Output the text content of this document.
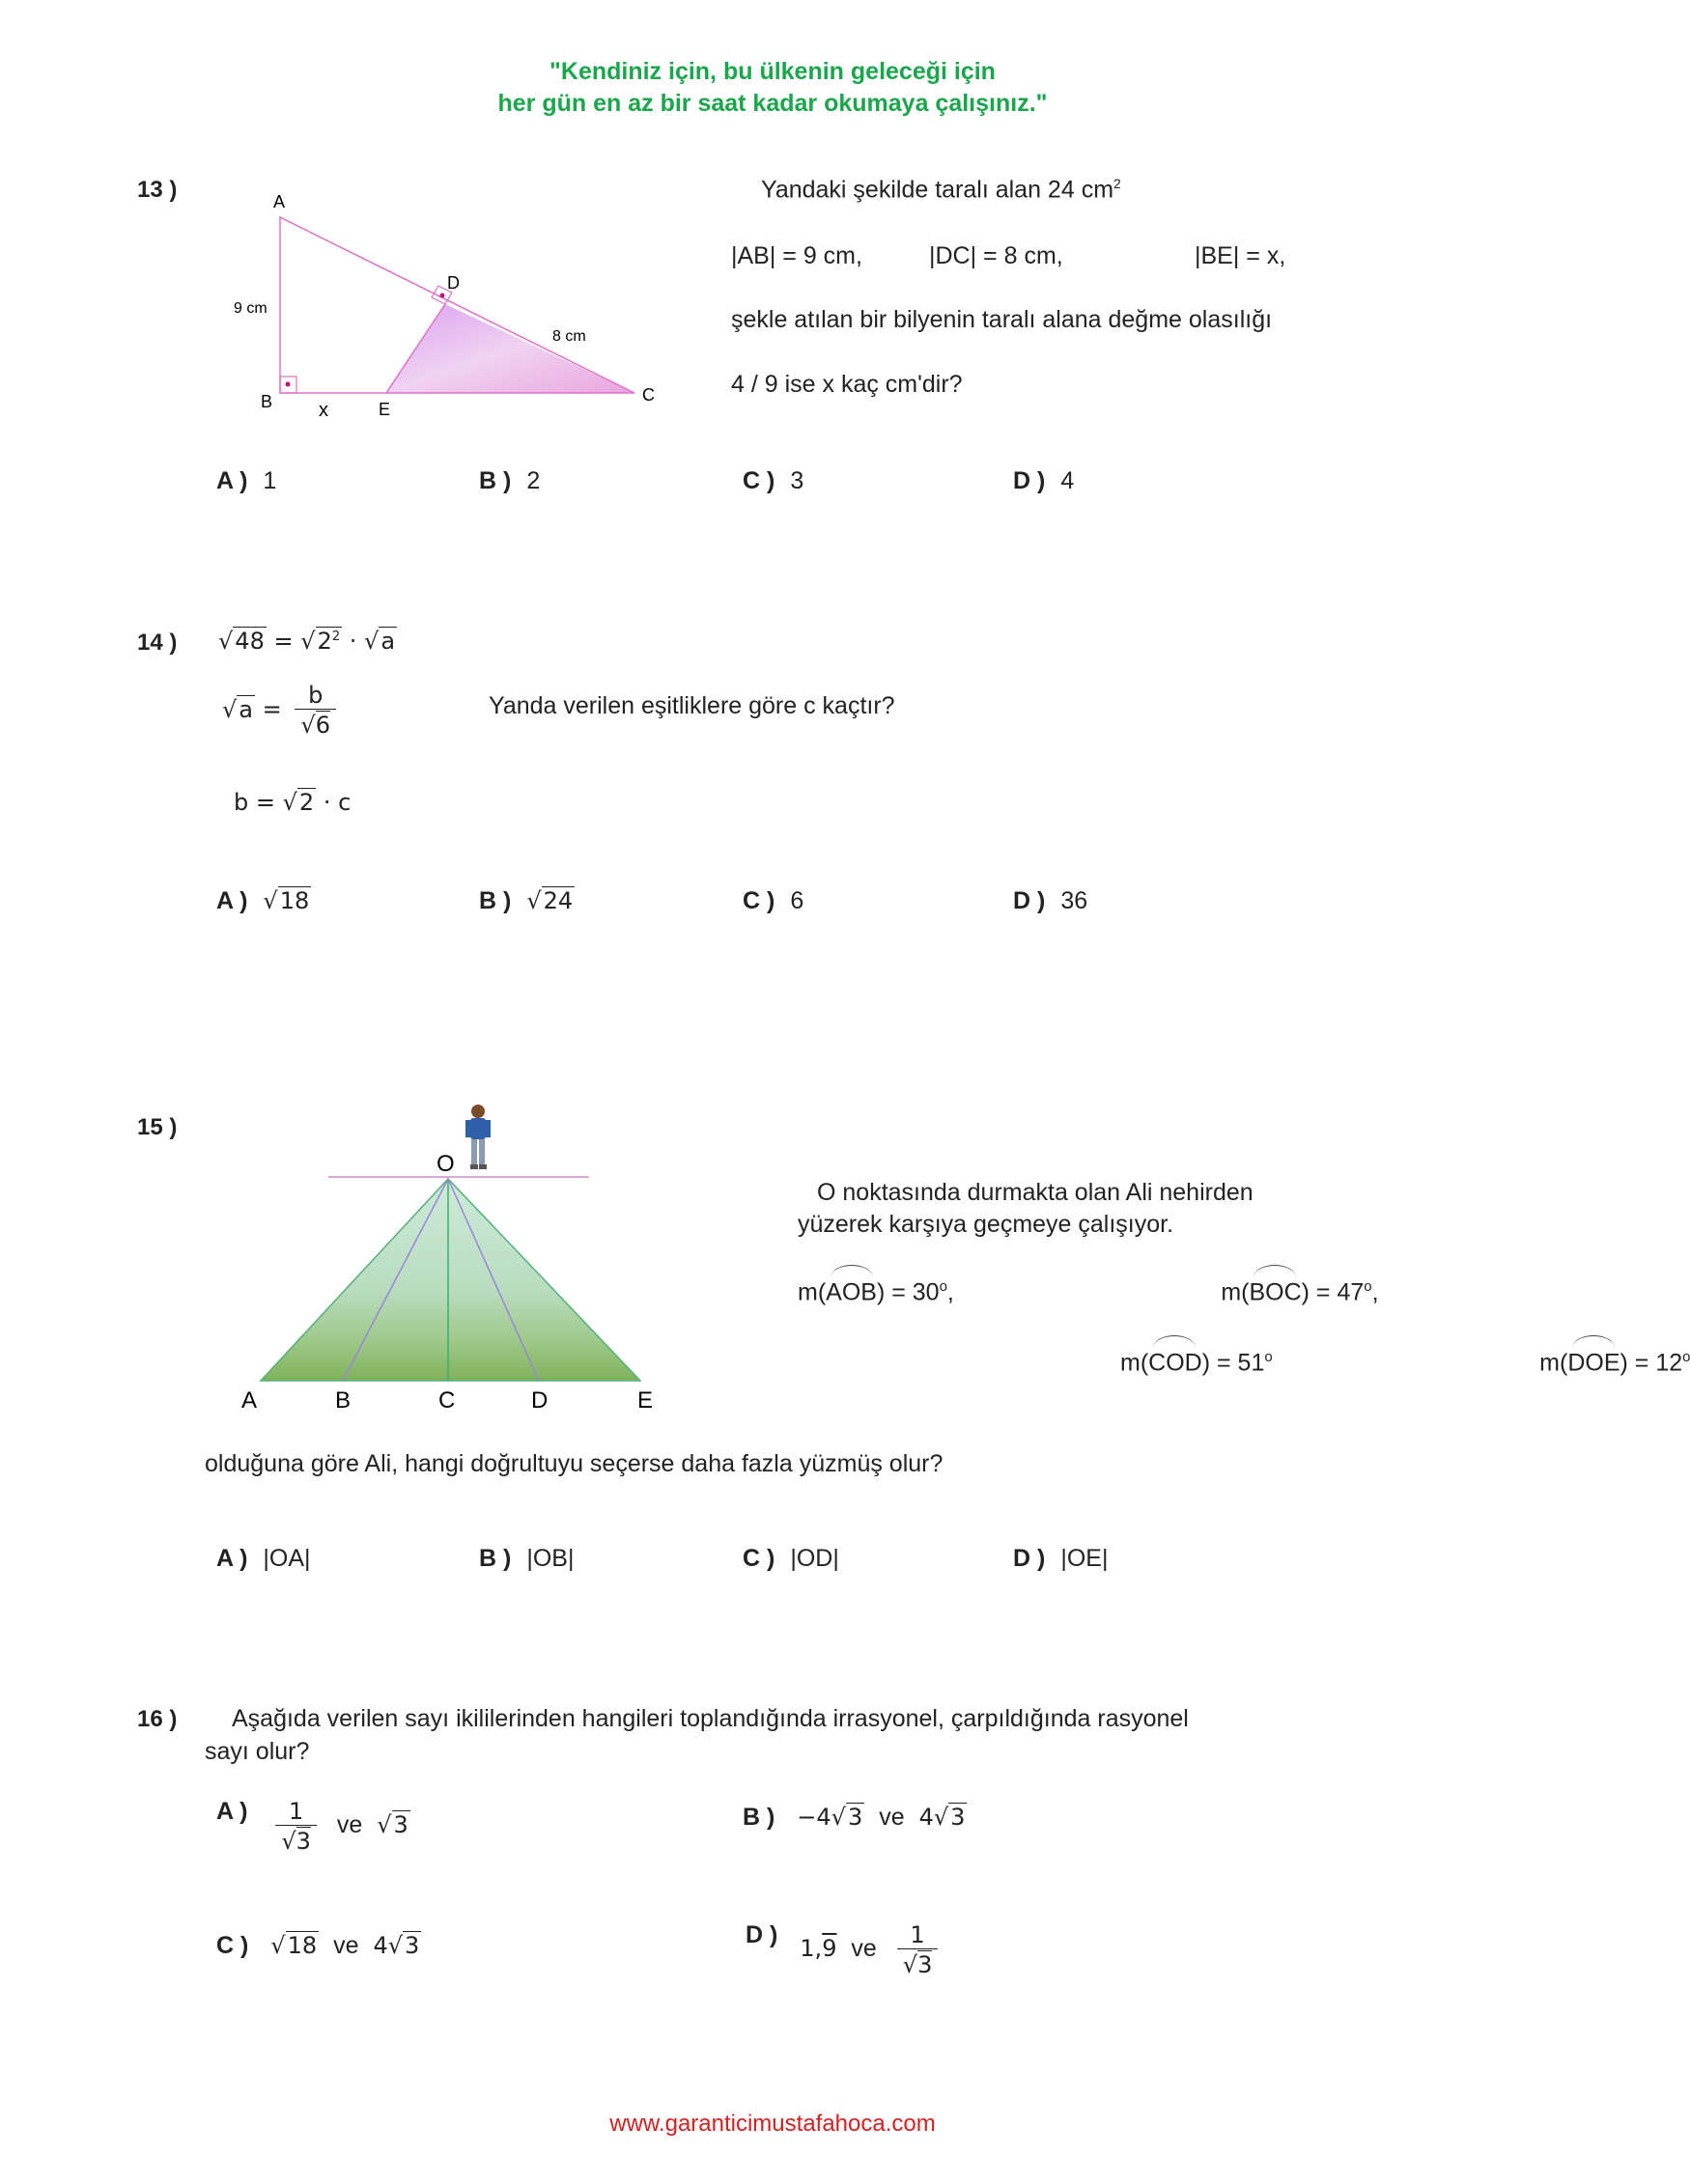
"Kendiniz için, bu ülkenin geleceği için
her gün en az bir saat kadar okumaya çalışınız."
13 )	A
B	C
D
E
x
9 cm
8 cm
Yandaki şekilde taralı alan 24 $cm^2$
|AB| = 9 cm,	|DC| = 8 cm,	|BE| = x,
şekle atılan bir bilyenin taralı alana değme olasılığı
4 / 9 ise x kaç cm'dir?
A ) 1	B ) 2	C ) 3	D ) 4
14 ) $√48 = √2^2 \cdot √a$
$√a = \frac{b}{√6}$	Yanda verilen eşitliklere göre c kaçtır?
b = √2 · c
A ) √18	B ) √24	C ) 6	D ) 36
15 )
O
A	B	C	D	E
O noktasında durmakta olan Ali nehirden
yüzerek karşıya geçmeye çalışıyor.
$m(AOB) = 30^o$,	$m(BOC) = 47^o$, $m(COD) = 51^o$	$m(DOE) = 12^o$
olduğuna göre Ali, hangi doğrultuyu seçerse daha fazla yüzmüş olur?
A ) |OA|	B ) |OB|	C ) |OD|	D ) |OE|
16 ) Aşağıda verilen sayı ikililerinden hangileri toplandığında irrasyonel, çarpıldığında rasyonel
sayı olur?
A ) $\frac{1}{√3}$ ve √3	B ) −4√3 ve 4√3
C ) √18 ve 4√3	D ) 1,9 ve $\frac{1}{√3}$
www.garanticimustafahoca.com
